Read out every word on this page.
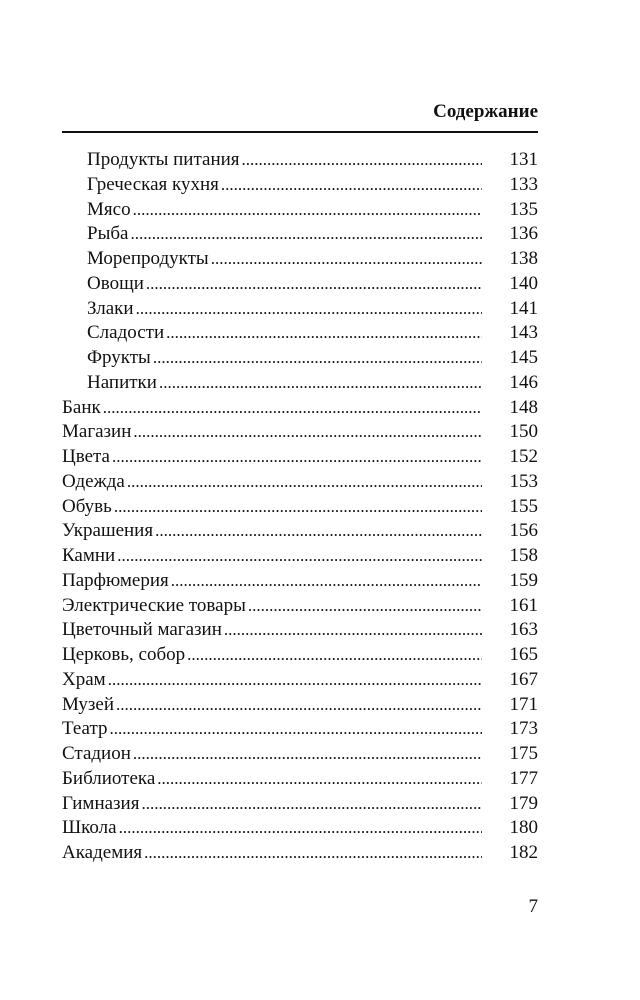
Содержание
Продукты питания .....	131
Греческая кухня .....	133
Мясо .....	135
Рыба .....	136
Морепродукты .....	138
Овощи .....	140
Злаки .....	141
Сладости .....	143
Фрукты .....	145
Напитки .....	146
Банк .....	148
Магазин .....	150
Цвета .....	152
Одежда .....	153
Обувь .....	155
Украшения .....	156
Камни .....	158
Парфюмерия .....	159
Электрические товары .....	161
Цветочный магазин .....	163
Церковь, собор .....	165
Храм .....	167
Музей .....	171
Театр .....	173
Стадион .....	175
Библиотека .....	177
Гимназия .....	179
Школа .....	180
Академия .....	182
7
